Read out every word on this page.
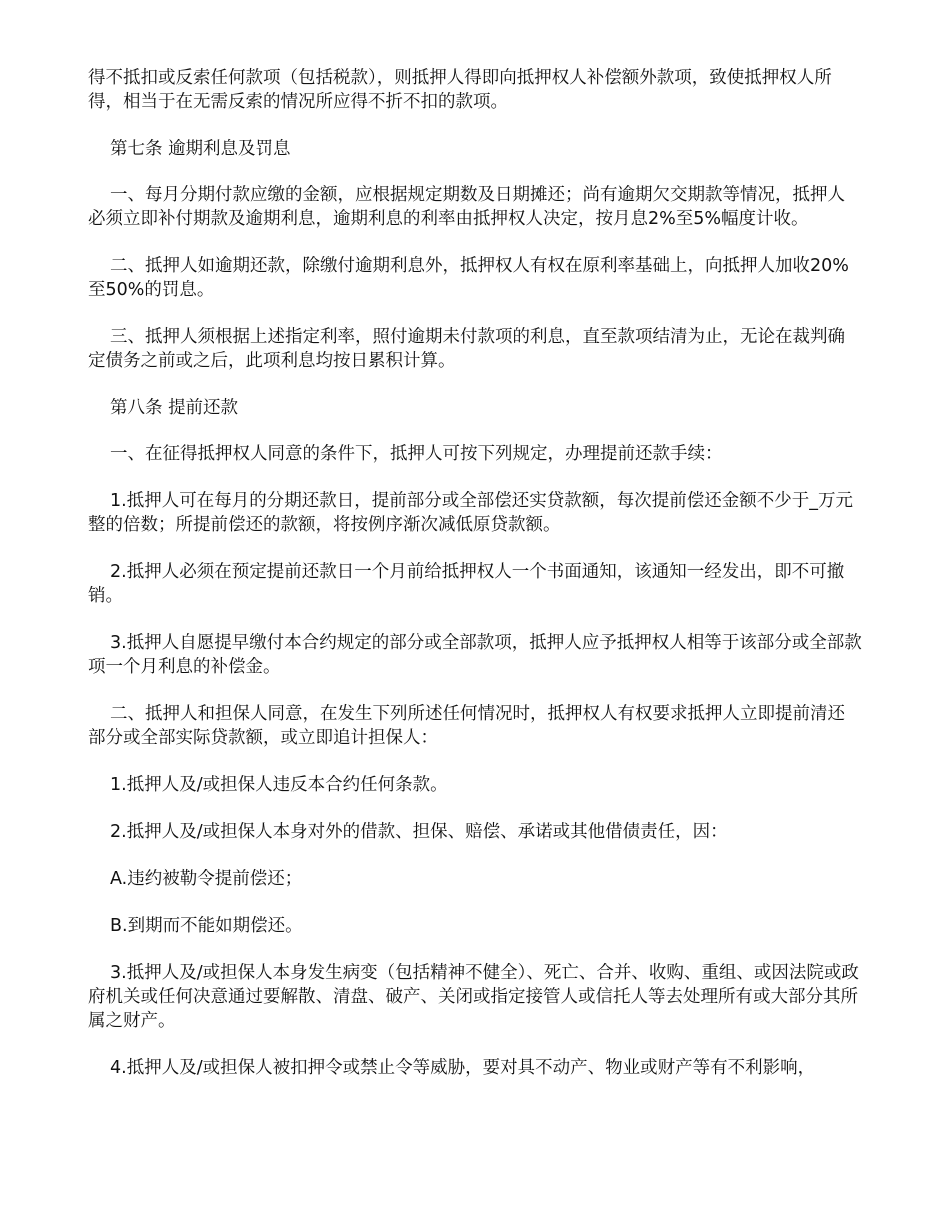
得不抵扣或反索任何款项（包括税款），则抵押人得即向抵押权人补偿额外款项，致使抵押权人所得，相当于在无需反索的情况所应得不折不扣的款项。

第七条 逾期利息及罚息

一、每月分期付款应缴的金额，应根据规定期数及日期摊还；尚有逾期欠交期款等情况，抵押人必须立即补付期款及逾期利息，逾期利息的利率由抵押权人决定，按月息2%至5%幅度计收。

二、抵押人如逾期还款，除缴付逾期利息外，抵押权人有权在原利率基础上，向抵押人加收20%至50%的罚息。

三、抵押人须根据上述指定利率，照付逾期未付款项的利息，直至款项结清为止，无论在裁判确定债务之前或之后，此项利息均按日累积计算。

第八条 提前还款

一、在征得抵押权人同意的条件下，抵押人可按下列规定，办理提前还款手续：

1.抵押人可在每月的分期还款日，提前部分或全部偿还实贷款额，每次提前偿还金额不少于_万元整的倍数；所提前偿还的款额，将按例序渐次减低原贷款额。

2.抵押人必须在预定提前还款日一个月前给抵押权人一个书面通知，该通知一经发出，即不可撤销。

3.抵押人自愿提早缴付本合约规定的部分或全部款项，抵押人应予抵押权人相等于该部分或全部款项一个月利息的补偿金。

二、抵押人和担保人同意，在发生下列所述任何情况时，抵押权人有权要求抵押人立即提前清还部分或全部实际贷款额，或立即追计担保人：

1.抵押人及/或担保人违反本合约任何条款。

2.抵押人及/或担保人本身对外的借款、担保、赔偿、承诺或其他借债责任，因：

A.违约被勒令提前偿还；

B.到期而不能如期偿还。

3.抵押人及/或担保人本身发生病变（包括精神不健全）、死亡、合并、收购、重组、或因法院或政府机关或任何决意通过要解散、清盘、破产、关闭或指定接管人或信托人等去处理所有或大部分其所属之财产。

4.抵押人及/或担保人被扣押令或禁止令等威胁，要对具不动产、物业或财产等有不利影响，
